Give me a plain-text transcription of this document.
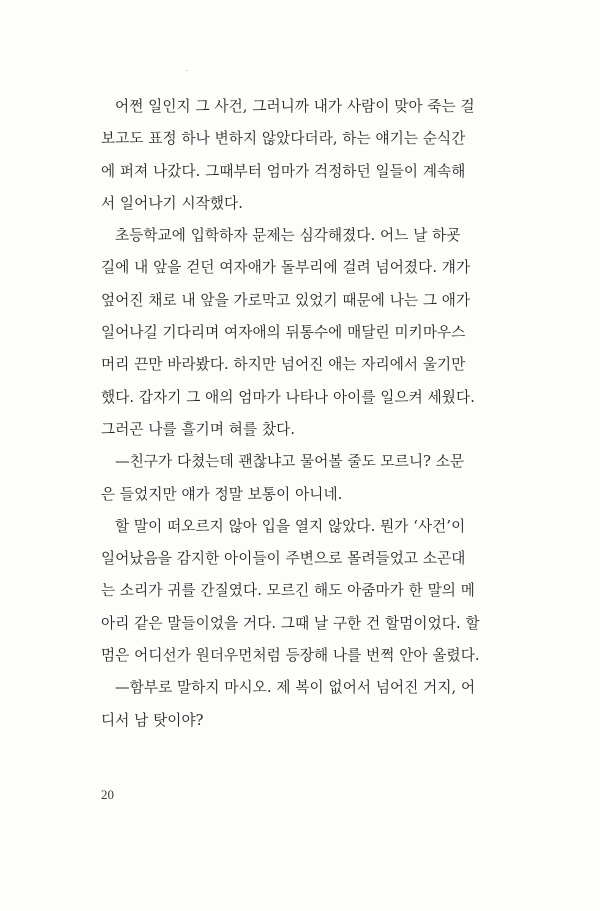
어쩐 일인지 그 사건, 그러니까 내가 사람이 맞아 죽는 걸
보고도 표정 하나 변하지 않았다더라, 하는 얘기는 순식간
에 퍼져 나갔다. 그때부터 엄마가 걱정하던 일들이 계속해
서 일어나기 시작했다.
초등학교에 입학하자 문제는 심각해졌다. 어느 날 하굣
길에 내 앞을 걷던 여자애가 돌부리에 걸려 넘어졌다. 걔가
엎어진 채로 내 앞을 가로막고 있었기 때문에 나는 그 애가
일어나길 기다리며 여자애의 뒤통수에 매달린 미키마우스
머리 끈만 바라봤다. 하지만 넘어진 애는 자리에서 울기만
했다. 갑자기 그 애의 엄마가 나타나 아이를 일으켜 세웠다.
그러곤 나를 흘기며 혀를 찼다.
—친구가 다쳤는데 괜찮냐고 물어볼 줄도 모르니? 소문
은 들었지만 얘가 정말 보통이 아니네.
할 말이 떠오르지 않아 입을 열지 않았다. 뭔가 ‘사건’이
일어났음을 감지한 아이들이 주변으로 몰려들었고 소곤대
는 소리가 귀를 간질였다. 모르긴 해도 아줌마가 한 말의 메
아리 같은 말들이었을 거다. 그때 날 구한 건 할멈이었다. 할
멈은 어디선가 원더우먼처럼 등장해 나를 번쩍 안아 올렸다.
—함부로 말하지 마시오. 제 복이 없어서 넘어진 거지, 어
디서 남 탓이야?
20
